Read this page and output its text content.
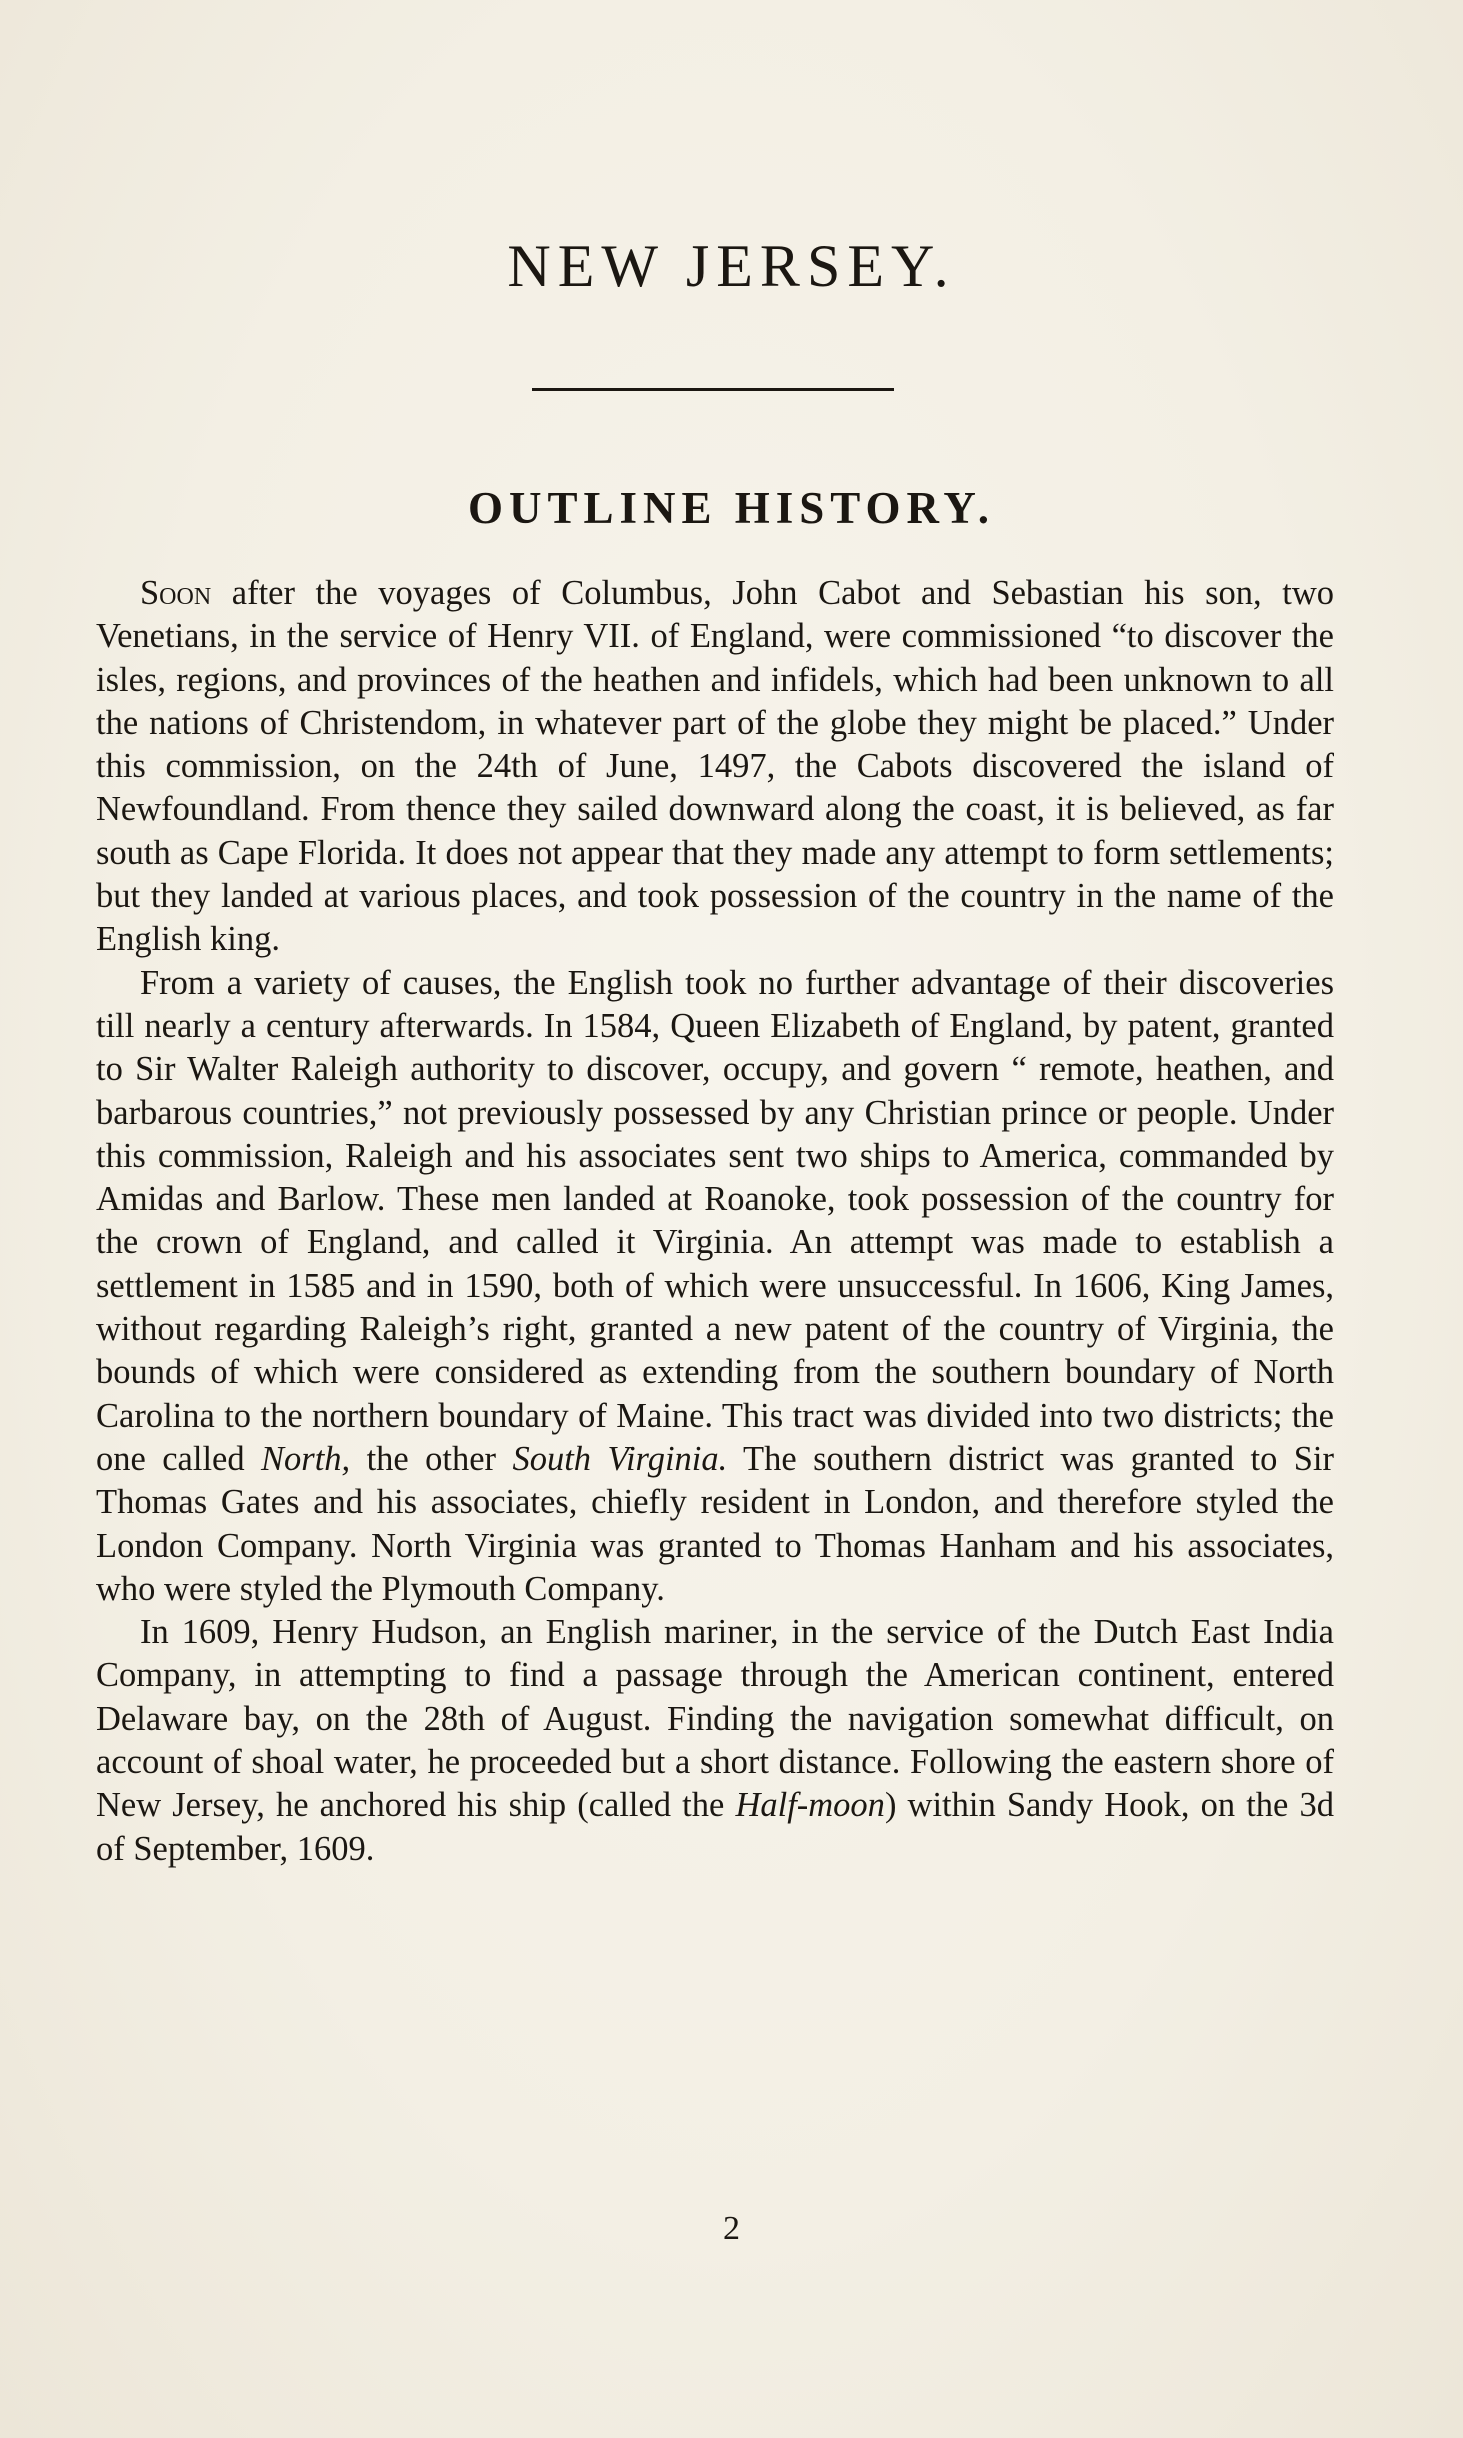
NEW JERSEY.
OUTLINE HISTORY.

Soon after the voyages of Columbus, John Cabot and Sebastian his son, two Venetians, in the service of Henry VII. of England, were commissioned “to discover the isles, regions, and provinces of the heathen and infidels, which had been unknown to all the nations of Christendom, in whatever part of the globe they might be placed.” Under this commission, on the 24th of June, 1497, the Cabots discovered the island of Newfoundland. From thence they sailed downward along the coast, it is believed, as far south as Cape Florida. It does not appear that they made any attempt to form settlements; but they landed at various places, and took possession of the country in the name of the English king.

From a variety of causes, the English took no further advantage of their discoveries till nearly a century afterwards. In 1584, Queen Elizabeth of England, by patent, granted to Sir Walter Raleigh authority to discover, occupy, and govern “ remote, heathen, and barbarous countries,” not previously possessed by any Christian prince or people. Under this commission, Raleigh and his associates sent two ships to America, commanded by Amidas and Barlow. These men landed at Roanoke, took possession of the country for the crown of England, and called it Virginia. An attempt was made to establish a settlement in 1585 and in 1590, both of which were unsuccessful. In 1606, King James, without regarding Raleigh’s right, granted a new patent of the country of Virginia, the bounds of which were considered as extending from the southern boundary of North Carolina to the northern boundary of Maine. This tract was divided into two districts; the one called North, the other South Virginia. The southern district was granted to Sir Thomas Gates and his associates, chiefly resident in London, and therefore styled the London Company. North Virginia was granted to Thomas Hanham and his associates, who were styled the Plymouth Company.

In 1609, Henry Hudson, an English mariner, in the service of the Dutch East India Company, in attempting to find a passage through the American continent, entered Delaware bay, on the 28th of August. Finding the navigation somewhat difficult, on account of shoal water, he proceeded but a short distance. Following the eastern shore of New Jersey, he anchored his ship (called the Half-moon) within Sandy Hook, on the 3d of September, 1609.

2
